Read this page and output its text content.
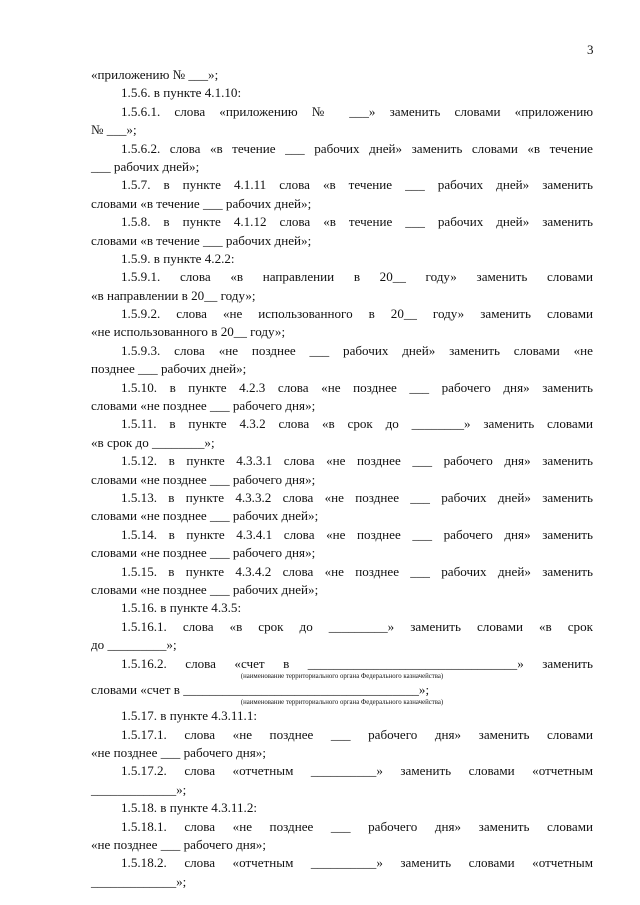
3
«приложению № ___»;
1.5.6. в пункте 4.1.10:
1.5.6.1. слова «приложению № ___» заменить словами «приложению
№ ___»;
1.5.6.2. слова «в течение ___ рабочих дней» заменить словами «в течение
___ рабочих дней»;
1.5.7. в пункте 4.1.11 слова «в течение ___ рабочих дней» заменить
словами «в течение ___ рабочих дней»;
1.5.8. в пункте 4.1.12 слова «в течение ___ рабочих дней» заменить
словами «в течение ___ рабочих дней»;
1.5.9. в пункте 4.2.2:
1.5.9.1. слова «в направлении в 20__ году» заменить словами
«в направлении в 20__ году»;
1.5.9.2. слова «не использованного в 20__ году» заменить словами
«не использованного в 20__ году»;
1.5.9.3. слова «не позднее ___ рабочих дней» заменить словами «не
позднее ___ рабочих дней»;
1.5.10. в пункте 4.2.3 слова «не позднее ___ рабочего дня» заменить
словами «не позднее ___ рабочего дня»;
1.5.11. в пункте 4.3.2 слова «в срок до ________» заменить словами
«в срок до ________»;
1.5.12. в пункте 4.3.3.1 слова «не позднее ___ рабочего дня» заменить
словами «не позднее ___ рабочего дня»;
1.5.13. в пункте 4.3.3.2 слова «не позднее ___ рабочих дней» заменить
словами «не позднее ___ рабочих дней»;
1.5.14. в пункте 4.3.4.1 слова «не позднее ___ рабочего дня» заменить
словами «не позднее ___ рабочего дня»;
1.5.15. в пункте 4.3.4.2 слова «не позднее ___ рабочих дней» заменить
словами «не позднее ___ рабочих дней»;
1.5.16. в пункте 4.3.5:
1.5.16.1. слова «в срок до _________» заменить словами «в срок
до _________»;
1.5.16.2. слова «счет в ________________________________» заменить
(наименование территориального органа Федерального казначейства)
словами «счет в ____________________________________»;
(наименование территориального органа Федерального казначейства)
1.5.17. в пункте 4.3.11.1:
1.5.17.1. слова «не позднее ___ рабочего дня» заменить словами
«не позднее ___ рабочего дня»;
1.5.17.2. слова «отчетным __________» заменить словами «отчетным
_____________»;
1.5.18. в пункте 4.3.11.2:
1.5.18.1. слова «не позднее ___ рабочего дня» заменить словами
«не позднее ___ рабочего дня»;
1.5.18.2. слова «отчетным __________» заменить словами «отчетным
_____________»;
